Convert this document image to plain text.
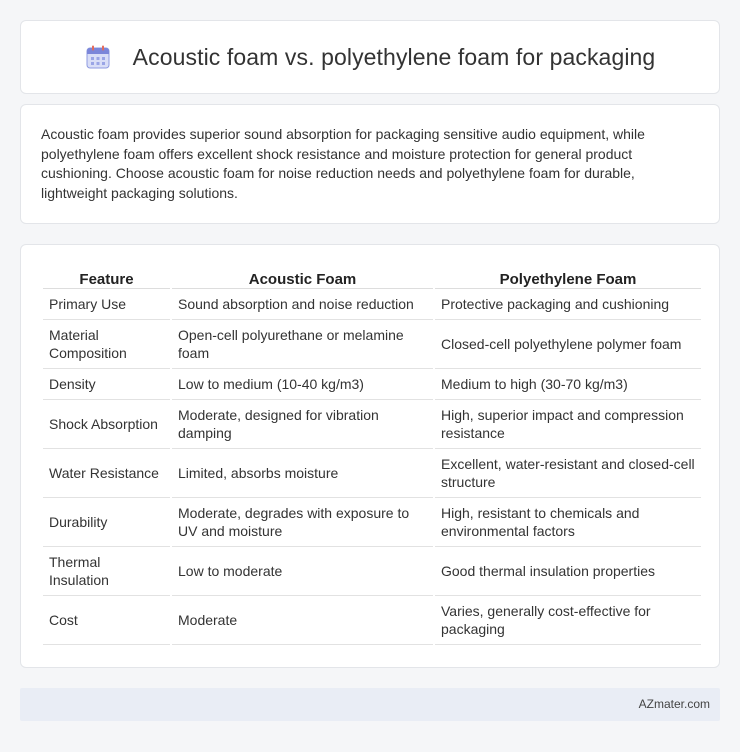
Acoustic foam vs. polyethylene foam for packaging

Acoustic foam provides superior sound absorption for packaging sensitive audio equipment, while polyethylene foam offers excellent shock resistance and moisture protection for general product cushioning. Choose acoustic foam for noise reduction needs and polyethylene foam for durable, lightweight packaging solutions.

Feature	Acoustic Foam	Polyethylene Foam
Primary Use	Sound absorption and noise reduction	Protective packaging and cushioning
Material Composition	Open-cell polyurethane or melamine foam	Closed-cell polyethylene polymer foam
Density	Low to medium (10-40 kg/m3)	Medium to high (30-70 kg/m3)
Shock Absorption	Moderate, designed for vibration damping	High, superior impact and compression resistance
Water Resistance	Limited, absorbs moisture	Excellent, water-resistant and closed-cell structure
Durability	Moderate, degrades with exposure to UV and moisture	High, resistant to chemicals and environmental factors
Thermal Insulation	Low to moderate	Good thermal insulation properties
Cost	Moderate	Varies, generally cost-effective for packaging
AZmater.com
